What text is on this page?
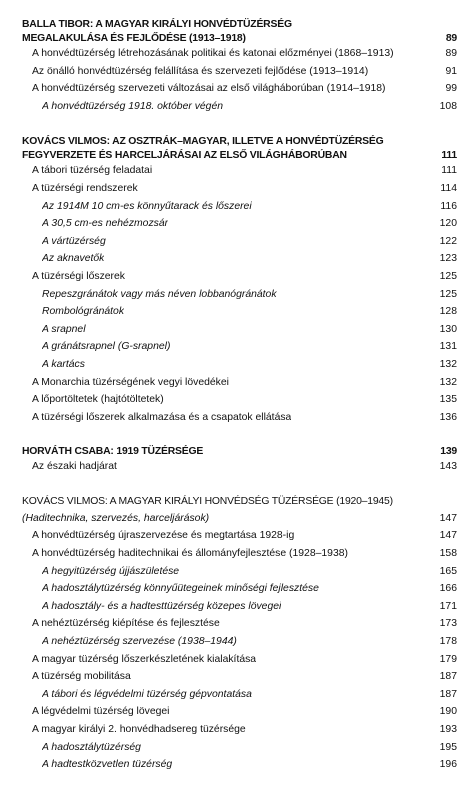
BALLA TIBOR: A MAGYAR KIRÁLYI HONVÉDTÜZÉRSÉG
MEGALAKULÁSA ÉS FEJLŐDÉSE (1913–1918)	89
A honvédtüzérség létrehozásának politikai és katonai előzményei (1868–1913)	89
Az önálló honvédtüzérség felállítása és szervezeti fejlődése (1913–1914)	91
A honvédtüzérség szervezeti változásai az első világháborúban (1914–1918)	99
A honvédtüzérség 1918. október végén	108
KOVÁCS VILMOS: AZ OSZTRÁK–MAGYAR, ILLETVE A HONVÉDTÜZÉRSÉG
FEGYVERZETE ÉS HARCELJÁRÁSAI AZ ELSŐ VILÁGHÁBORÚBAN	111
A tábori tüzérség feladatai	111
A tüzérségi rendszerek	114
Az 1914M 10 cm-es könnyűtarack és lőszerei	116
A 30,5 cm-es nehézmozsár	120
A vártüzérség	122
Az aknavetők	123
A tüzérségi lőszerek	125
Repeszgránátok vagy más néven lobbanógránátok	125
Rombológránátok	128
A srapnel	130
A gránátsrapnel (G-srapnel)	131
A kartács	132
A Monarchia tüzérségének vegyi lövedékei	132
A lőportöltetek (hajtótöltetek)	135
A tüzérségi lőszerek alkalmazása és a csapatok ellátása	136
HORVÁTH CSABA: 1919 TÜZÉRSÉGE	139
Az északi hadjárat	143
KOVÁCS VILMOS: A MAGYAR KIRÁLYI HONVÉDSÉG TÜZÉRSÉGE (1920–1945)
(Haditechnika, szervezés, harceljárások)	147
A honvédtüzérség újraszervezése és megtartása 1928-ig	147
A honvédtüzérség haditechnikai és állományfejlesztése (1928–1938)	158
A hegyitüzérség újjászületése	165
A hadosztálytüzérség könnyűütegeinek minőségi fejlesztése	166
A hadosztály- és a hadtesttüzérség közepes lövegei	171
A nehéztüzérség kiépítése és fejlesztése	173
A nehéztüzérség szervezése (1938–1944)	178
A magyar tüzérség lőszerkészletének kialakítása	179
A tüzérség mobilitása	187
A tábori és légvédelmi tüzérség gépvontatása	187
A légvédelmi tüzérség lövegei	190
A magyar királyi 2. honvédhadsereg tüzérsége	193
A hadosztálytüzérség	195
A hadtestközvetlen tüzérség	196
